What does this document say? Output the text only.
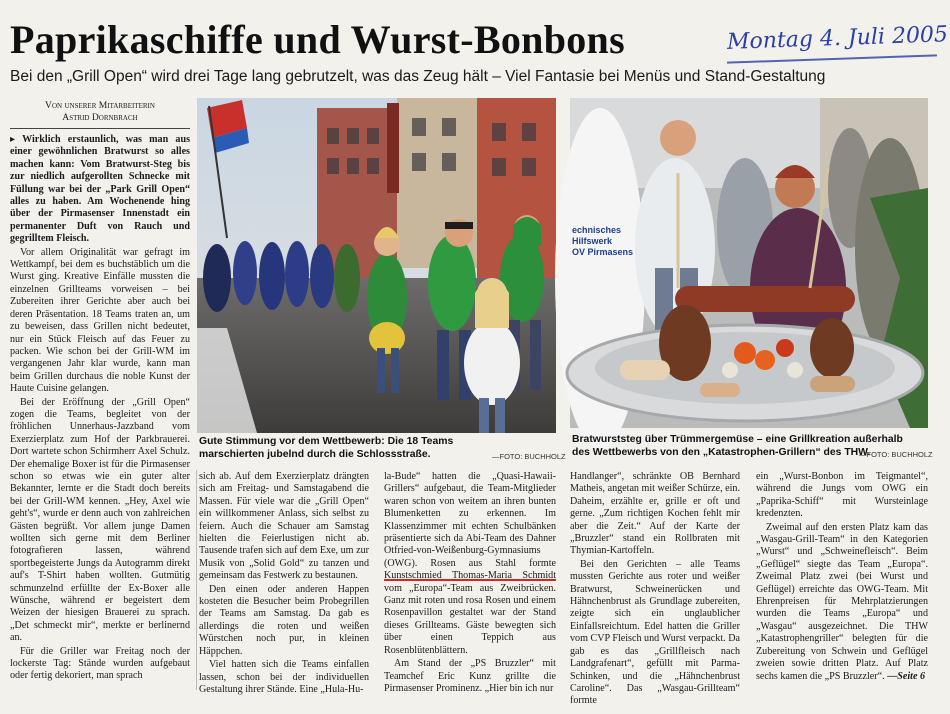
Paprikaschiffe und Wurst-Bonbons	Montag 4. Juli 2005
Bei den „Grill Open“ wird drei Tage lang gebrutzelt, was das Zeug hält – Viel Fantasie bei Menüs und Stand-Gestaltung
Von unserer Mitarbeiterin
Astrid Dornbrach

▸ Wirklich erstaunlich, was man aus einer gewöhnlichen Bratwurst so alles machen kann: Vom Bratwurst-Steg bis zur niedlich aufgerollten Schnecke mit Füllung war bei der „Park Grill Open“ alles zu haben. Am Wochenende hing über der Pirmasenser Innenstadt ein permanenter Duft von Rauch und gegrilltem Fleisch.

Vor allem Originalität war gefragt im Wettkampf, bei dem es buchstäblich um die Wurst ging. Kreative Einfälle mussten die einzelnen Grillteams vorweisen – bei Zubereiten ihrer Gerichte aber auch bei deren Präsentation. 18 Teams traten an, um zu beweisen, dass Grillen nicht bedeutet, nur ein Stück Fleisch auf das Feuer zu packen. Wie schon bei der Grill-WM im vergangenen Jahr klar wurde, kann man beim Grillen durchaus die noble Kunst der Haute Cuisine gelangen.

Bei der Eröffnung der „Grill Open“ zogen die Teams, begleitet von der fröhlichen Unnerhaus-Jazzband vom Exerzierplatz zum Hof der Parkbrauerei. Dort wartete schon Schirmherr Axel Schulz. Der ehemalige Boxer ist für die Pirmasenser schon so etwas wie ein guter alter Bekannter, lernte er die Stadt doch bereits bei der Grill-WM kennen. „Hey, Axel wie geht's“, wurde er denn auch von zahlreichen Gästen begrüßt. Vor allem junge Damen wollten sich gerne mit dem Berliner fotografieren lassen, während sportbegeisterte Jungs da Autogramm direkt auf's T-Shirt haben wollten. Gutmütig schmunzelnd erfüllte der Ex-Boxer alle Wünsche, während er begeistert dem Weizen der hiesigen Brauerei zu sprach. „Det schmeckt mir“, merkte er berlinernd an.

Für die Griller war Freitag noch der lockerste Tag: Stände wurden aufgebaut oder fertig dekoriert, man sprach

Gute Stimmung vor dem Wettbewerb: Die 18 Teams marschierten jubelnd durch die Schlossstraße.	—FOTO: BUCHHOLZ
echnisches
Hilfswerk
OV Pirmasens
Bratwurststeg über Trümmergemüse – eine Grillkreation außerhalb des Wettbewerbs von den „Katastrophen-Grillern“ des THW.
—FOTO: BUCHHOLZ

sich ab. Auf dem Exerzierplatz drängten sich am Freitag- und Samstagabend die Massen. Für viele war die „Grill Open“ ein willkommener Anlass, sich selbst zu feiern. Auch die Schauer am Samstag hielten die Feierlustigen nicht ab. Tausende trafen sich auf dem Exe, um zur Musik von „Solid Gold“ zu tanzen und gemeinsam das Festwerk zu bestaunen.

Den einen oder anderen Happen kosteten die Besucher beim Probegrillen der Teams am Samstag. Da gab es allerdings die roten und weißen Würstchen noch pur, in kleinen Häppchen.

Viel hatten sich die Teams einfallen lassen, schon bei der individuellen Gestaltung ihrer Stände. Eine „Hula-Hu-

la-Bude“ hatten die „Quasi-Hawaii-Grillers“ aufgebaut, die Team-Mitglieder waren schon von weitem an ihren bunten Blumenketten zu erkennen. Im Klassenzimmer mit echten Schulbänken präsentierte sich da Abi-Team des Dahner Otfried-von-Weißenburg-Gymnasiums (OWG). Rosen aus Stahl formte Kunstschmied Thomas-Maria Schmidt vom „Europa“-Team aus Zweibrücken. Ganz mit roten und rosa Rosen und einem Rosenpavillon gestaltet war der Stand dieses Grillteams. Gäste bewegten sich über einen Teppich aus Rosenblütenblättern.

Am Stand der „PS Bruzzler“ mit Teamchef Eric Kunz grillte die Pirmasenser Prominenz. „Hier bin ich nur

Handlanger“, schränkte OB Bernhard Matheis, angetan mit weißer Schürze, ein. Daheim, erzählte er, grille er oft und gerne. „Zum richtigen Kochen fehlt mir aber die Zeit.“ Auf der Karte der „Bruzzler“ stand ein Rollbraten mit Thymian-Kartoffeln.

Bei den Gerichten – alle Teams mussten Gerichte aus roter und weißer Bratwurst, Schweinerücken und Hähnchenbrust als Grundlage zubereiten, zeigte sich ein unglaublicher Einfallsreichtum. Edel hatten die Griller vom CVP Fleisch und Wurst verpackt. Da gab es das „Grillfleisch nach Landgrafenart“, gefüllt mit Parma-Schinken, und die „Hähnchenbrust Caroline“. Das „Wasgau-Grillteam“ formte

ein „Wurst-Bonbon im Teigmantel“, während die Jungs vom OWG ein „Paprika-Schiff“ mit Wursteinlage kredenzten.

Zweimal auf den ersten Platz kam das „Wasgau-Grill-Team“ in den Kategorien „Wurst“ und „Schweinefleisch“. Beim „Geflügel“ siegte das Team „Europa“. Zweimal Platz zwei (bei Wurst und Geflügel) erreichte das OWG-Team. Mit Ehrenpreisen für Mehrplatzierungen wurden die Teams „Europa“ und „Wasgau“ ausgezeichnet. Die THW „Katastrophengriller“ belegten für die Zubereitung von Schwein und Geflügel zweien sowie dritten Platz. Auf Platz sechs kamen die „PS Bruzzler“. —Seite 6
